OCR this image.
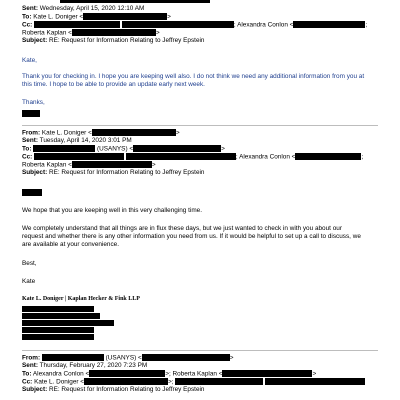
Sent: Wednesday, April 15, 2020 12:10 AM
To: Kate L. Doniger <	>
Cc:	; Alexandra Conlon <	;
Roberta Kaplan <	>
Subject: RE: Request for Information Relating to Jeffrey Epstein
Kate,
Thank you for checking in. I hope you are keeping well also. I do not think we need any additional information from you at
this time. I hope to be able to provide an update early next week.
Thanks,
From: Kate L. Doniger <	>
Sent: Tuesday, April 14, 2020 3:01 PM
To:	(USANYS) <	>
Cc:	; Alexandra Conlon <	;
Roberta Kaplan <	>
Subject: RE: Request for Information Relating to Jeffrey Epstein
We hope that you are keeping well in this very challenging time.
We completely understand that all things are in flux these days, but we just wanted to check in with you about our
request and whether there is any other information you need from us. If it would be helpful to set up a call to discuss, we
are available at your convenience.
Best,
Kate
Kate L. Doniger | Kaplan Hecker & Fink LLP
From:	(USANYS) <	>
Sent: Thursday, February 27, 2020 7:23 PM
To: Alexandra Conlon <	>; Roberta Kaplan <	>
Cc: Kate L. Doniger <	>;
Subject: RE: Request for Information Relating to Jeffrey Epstein
